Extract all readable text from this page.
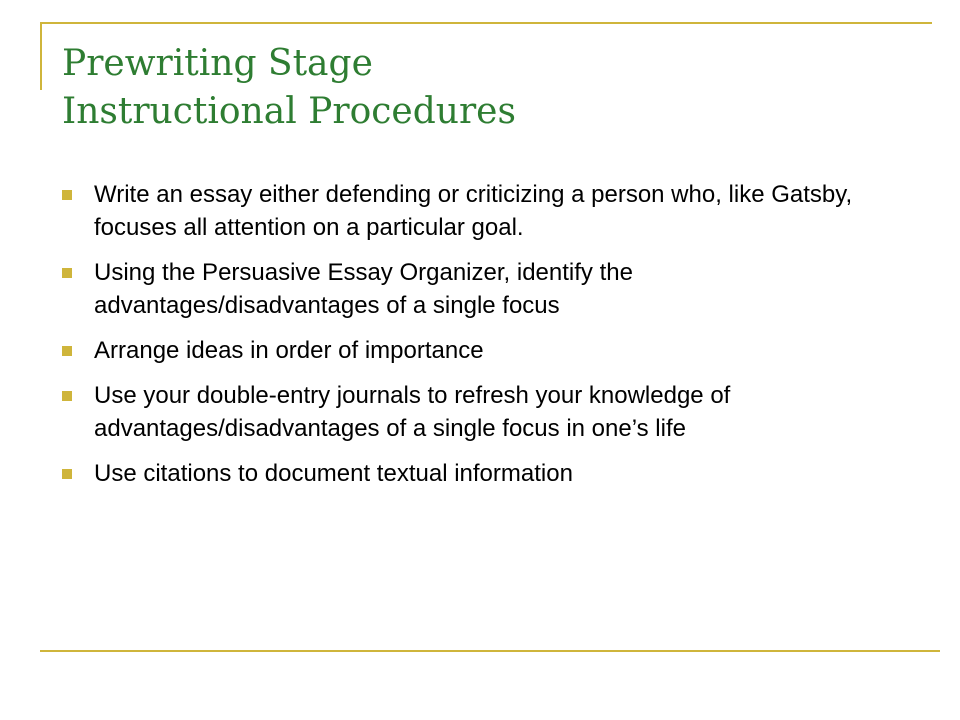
Prewriting Stage
Instructional Procedures
Write an essay either defending or criticizing a person who, like Gatsby, focuses all attention on a particular goal.
Using the Persuasive Essay Organizer, identify the advantages/disadvantages of a single focus
Arrange ideas in order of importance
Use your double-entry journals to refresh your knowledge of advantages/disadvantages of a single focus in one’s life
Use citations to document textual information
